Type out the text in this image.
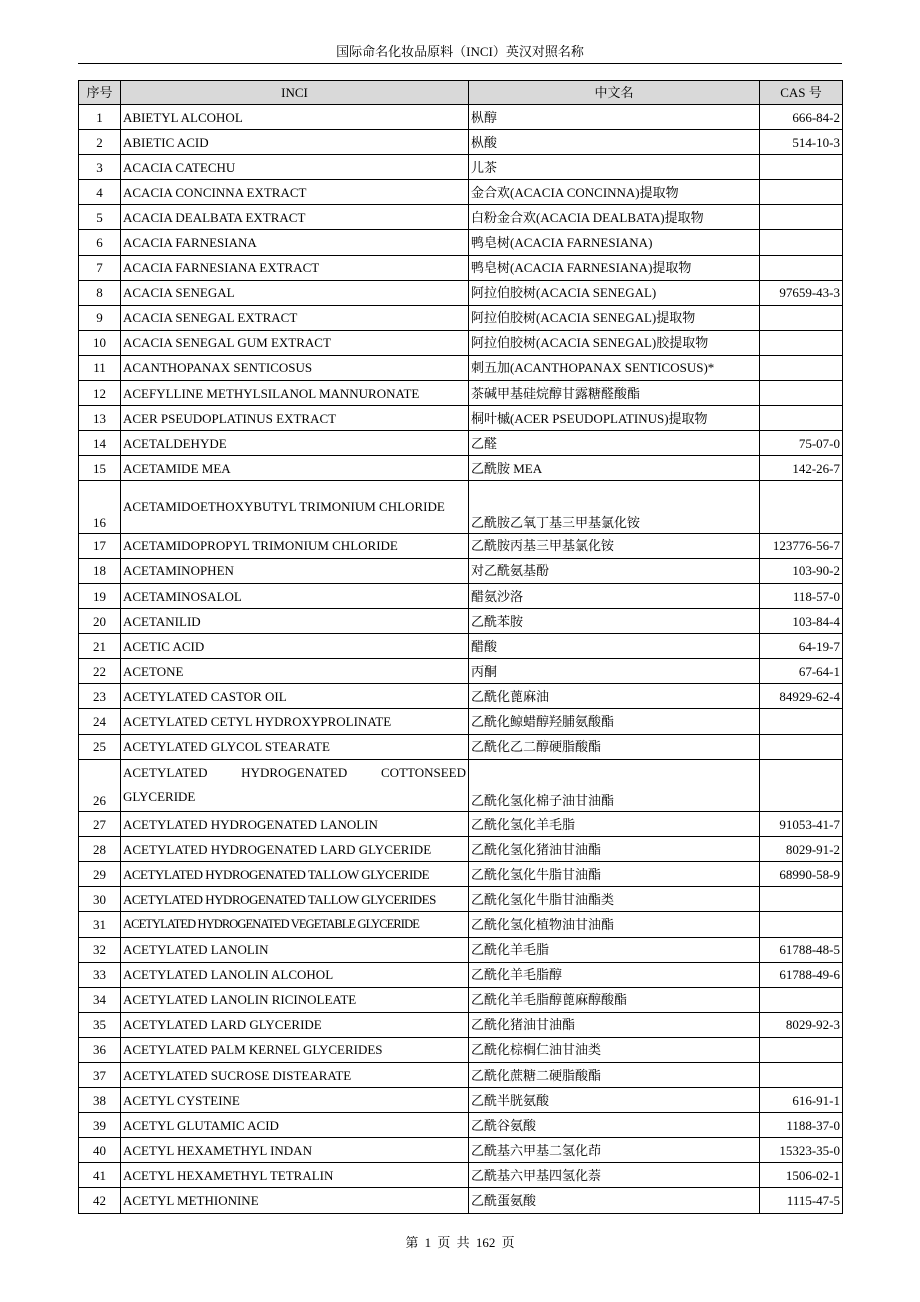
国际命名化妆品原料（INCI）英汉对照名称
序号	INCI	中文名	CAS 号
1	ABIETYL ALCOHOL	枞醇	666-84-2
2	ABIETIC ACID	枞酸	514-10-3
3	ACACIA CATECHU	儿茶	
4	ACACIA CONCINNA EXTRACT	金合欢(ACACIA CONCINNA)提取物	
5	ACACIA DEALBATA EXTRACT	白粉金合欢(ACACIA DEALBATA)提取物	
6	ACACIA FARNESIANA	鸭皂树(ACACIA FARNESIANA)	
7	ACACIA FARNESIANA EXTRACT	鸭皂树(ACACIA FARNESIANA)提取物	
8	ACACIA SENEGAL	阿拉伯胶树(ACACIA SENEGAL)	97659-43-3
9	ACACIA SENEGAL EXTRACT	阿拉伯胶树(ACACIA SENEGAL)提取物	
10	ACACIA SENEGAL GUM EXTRACT	阿拉伯胶树(ACACIA SENEGAL)胶提取物	
11	ACANTHOPANAX SENTICOSUS	刺五加(ACANTHOPANAX SENTICOSUS)*	
12	ACEFYLLINE METHYLSILANOL MANNURONATE	茶碱甲基硅烷醇甘露糖醛酸酯	
13	ACER PSEUDOPLATINUS EXTRACT	桐叶槭(ACER PSEUDOPLATINUS)提取物	
14	ACETALDEHYDE	乙醛	75-07-0
15	ACETAMIDE MEA	乙酰胺 MEA	142-26-7
16	ACETAMIDOETHOXYBUTYL TRIMONIUM CHLORIDE	乙酰胺乙氧丁基三甲基氯化铵	
17	ACETAMIDOPROPYL TRIMONIUM CHLORIDE	乙酰胺丙基三甲基氯化铵	123776-56-7
18	ACETAMINOPHEN	对乙酰氨基酚	103-90-2
19	ACETAMINOSALOL	醋氨沙洛	118-57-0
20	ACETANILID	乙酰苯胺	103-84-4
21	ACETIC ACID	醋酸	64-19-7
22	ACETONE	丙酮	67-64-1
23	ACETYLATED CASTOR OIL	乙酰化蓖麻油	84929-62-4
24	ACETYLATED CETYL HYDROXYPROLINATE	乙酰化鲸蜡醇羟脯氨酸酯	
25	ACETYLATED GLYCOL STEARATE	乙酰化乙二醇硬脂酸酯	
26	ACETYLATED HYDROGENATED COTTONSEED GLYCERIDE	乙酰化氢化棉子油甘油酯	
27	ACETYLATED HYDROGENATED LANOLIN	乙酰化氢化羊毛脂	91053-41-7
28	ACETYLATED HYDROGENATED LARD GLYCERIDE	乙酰化氢化猪油甘油酯	8029-91-2
29	ACETYLATED HYDROGENATED TALLOW GLYCERIDE	乙酰化氢化牛脂甘油酯	68990-58-9
30	ACETYLATED HYDROGENATED TALLOW GLYCERIDES	乙酰化氢化牛脂甘油酯类	
31	ACETYLATED HYDROGENATED VEGETABLE GLYCERIDE	乙酰化氢化植物油甘油酯	
32	ACETYLATED LANOLIN	乙酰化羊毛脂	61788-48-5
33	ACETYLATED LANOLIN ALCOHOL	乙酰化羊毛脂醇	61788-49-6
34	ACETYLATED LANOLIN RICINOLEATE	乙酰化羊毛脂醇蓖麻醇酸酯	
35	ACETYLATED LARD GLYCERIDE	乙酰化猪油甘油酯	8029-92-3
36	ACETYLATED PALM KERNEL GLYCERIDES	乙酰化棕榈仁油甘油类	
37	ACETYLATED SUCROSE DISTEARATE	乙酰化蔗糖二硬脂酸酯	
38	ACETYL CYSTEINE	乙酰半胱氨酸	616-91-1
39	ACETYL GLUTAMIC ACID	乙酰谷氨酸	1188-37-0
40	ACETYL HEXAMETHYL INDAN	乙酰基六甲基二氢化茚	15323-35-0
41	ACETYL HEXAMETHYL TETRALIN	乙酰基六甲基四氢化萘	1506-02-1
42	ACETYL METHIONINE	乙酰蛋氨酸	1115-47-5
第 1 页 共 162 页
